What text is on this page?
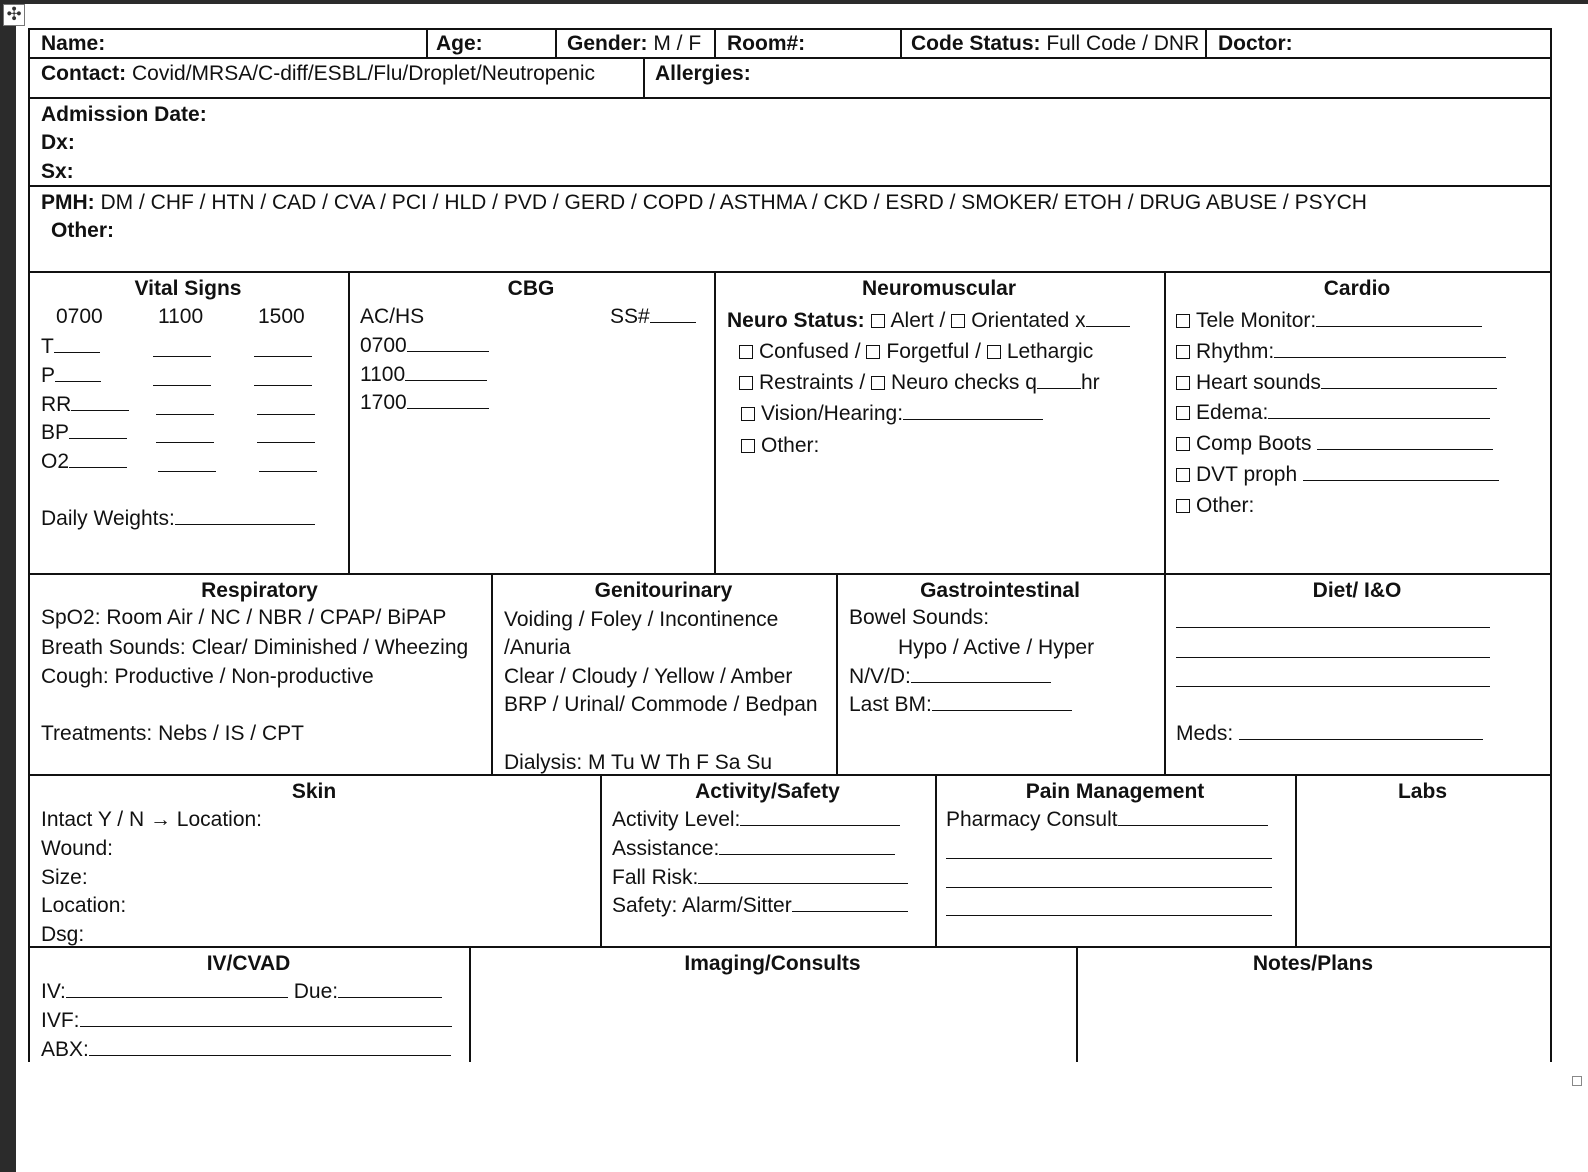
✣
Name:	Age:	Gender: M / F Room#:	Code Status: Full Code / DNR Doctor:
Contact: Covid/MRSA/C-diff/ESBL/Flu/Droplet/Neutropenic	Allergies:
Admission Date:
Dx:
Sx:
PMH: DM / CHF / HTN / CAD / CVA / PCI / HLD / PVD / GERD / COPD / ASTHMA / CKD / ESRD / SMOKER/ ETOH / DRUG ABUSE / PSYCH
Other:
Vital Signs
0700	1100	1500
T
P
RR
BP
O2
Daily Weights:
CBG
AC/HS	SS#
0700
1100
1700
Neuromuscular
Neuro Status: Alert / Orientated x
Confused / Forgetful / Lethargic
Restraints / Neuro checks q hr
Vision/Hearing:
Other:
Cardio
Tele Monitor:
Rhythm:
Heart sounds
Edema:
Comp Boots
DVT proph
Other:
Respiratory
SpO2: Room Air / NC / NBR / CPAP/ BiPAP
Breath Sounds: Clear/ Diminished / Wheezing
Cough: Productive / Non-productive
Treatments: Nebs / IS / CPT
Genitourinary
Voiding / Foley / Incontinence
/Anuria
Clear / Cloudy / Yellow / Amber
BRP / Urinal/ Commode / Bedpan
Dialysis: M Tu W Th F Sa Su
Gastrointestinal
Bowel Sounds:
Hypo / Active / Hyper
N/V/D:
Last BM:
Diet/ I&O
Meds:
Skin
Intact Y / N → Location:
Wound:
Size:
Location:
Dsg:
Activity/Safety
Activity Level:
Assistance:
Fall Risk:
Safety: Alarm/Sitter
Pain Management
Pharmacy Consult
Labs
IV/CVAD
IV:	Due:
IVF:
ABX:
Imaging/Consults	Notes/Plans
